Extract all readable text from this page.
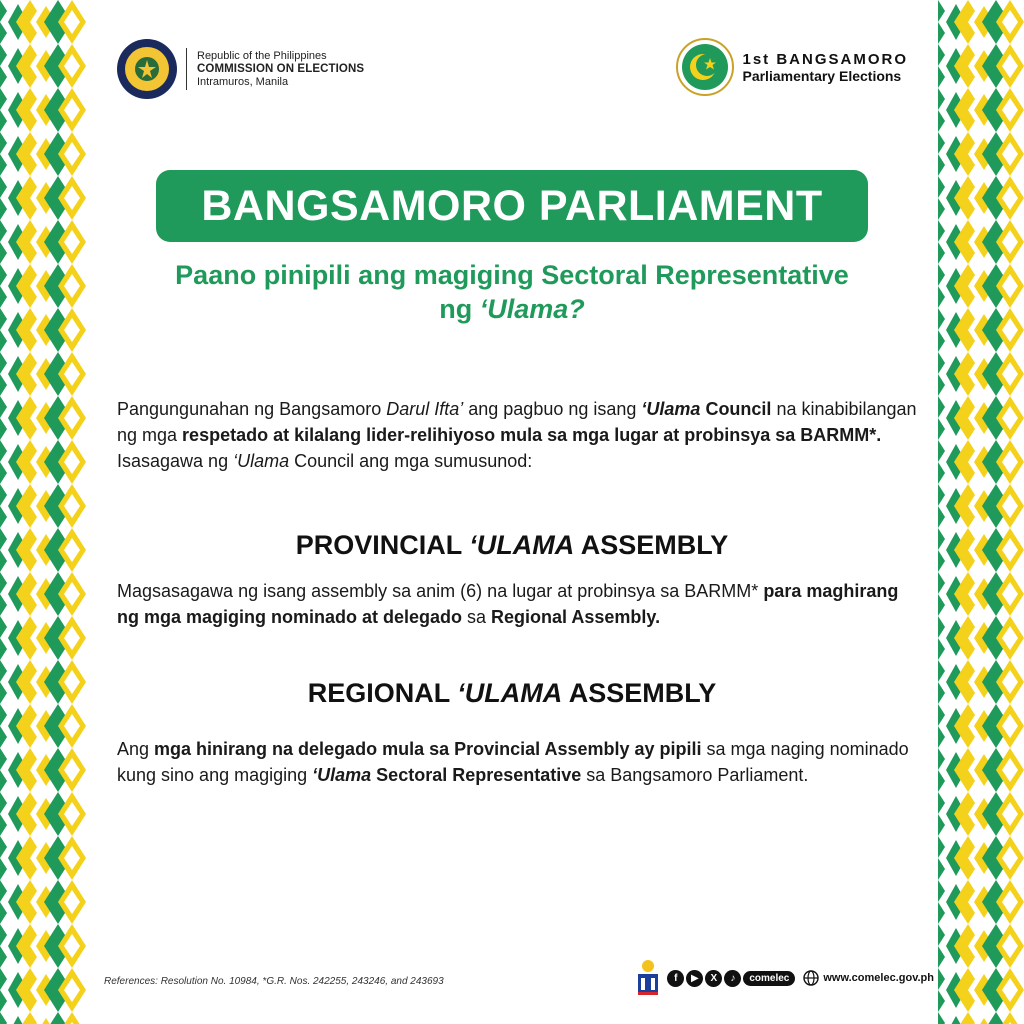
Republic of the Philippines
COMMISSION ON ELECTIONS
Intramuros, Manila
1st BANGSAMORO
Parliamentary Elections
BANGSAMORO PARLIAMENT
Paano pinipili ang magiging Sectoral Representative
ng ‘Ulama?
Pangungunahan ng Bangsamoro Darul Ifta’ ang pagbuo ng isang ‘Ulama Council na kinabibilangan ng mga respetado at kilalang lider-relihiyoso mula sa mga lugar at probinsya sa BARMM*. Isasagawa ng ‘Ulama Council ang mga sumusunod:
PROVINCIAL ‘ULAMA ASSEMBLY
Magsasagawa ng isang assembly sa anim (6) na lugar at probinsya sa BARMM* para maghirang ng mga magiging nominado at delegado sa Regional Assembly.
REGIONAL ‘ULAMA ASSEMBLY
Ang mga hinirang na delegado mula sa Provincial Assembly ay pipili sa mga naging nominado kung sino ang magiging ‘Ulama Sectoral Representative sa Bangsamoro Parliament.
References: Resolution No. 10984, *G.R. Nos. 242255, 243246, and 243693	f	▶	X	♪	comelec	www.comelec.gov.ph
